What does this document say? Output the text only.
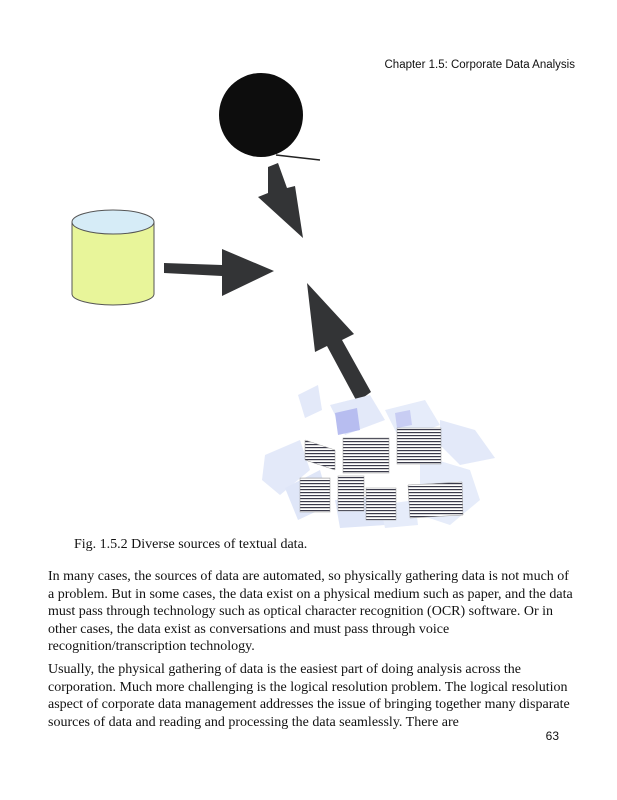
Chapter 1.5: Corporate Data Analysis
Fig. 1.5.2 Diverse sources of textual data.

In many cases, the sources of data are automated, so physically gathering data is not much of a problem. But in some cases, the data exist on a physical medium such as paper, and the data must pass through technology such as optical character recognition (OCR) software. Or in other cases, the data exist as conversations and must pass through voice recognition/transcription technology.

Usually, the physical gathering of data is the easiest part of doing analysis across the corporation. Much more challenging is the logical resolution problem. The logical resolution aspect of corporate data management addresses the issue of bringing together many disparate sources of data and reading and processing the data seamlessly. There are

63
